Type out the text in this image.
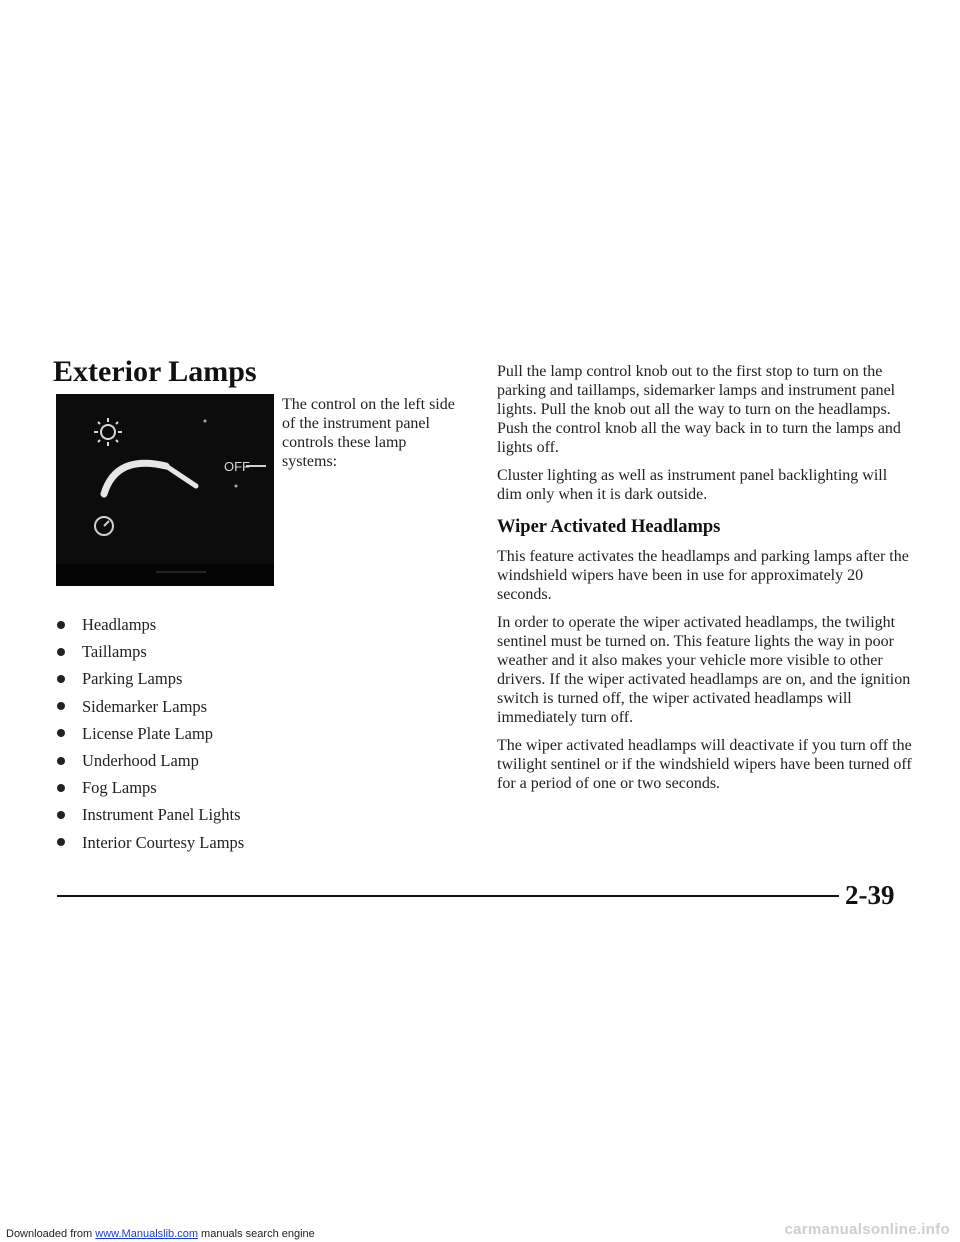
Exterior Lamps
OFF

The control on the left side of the instrument panel controls these lamp systems:

Headlamps
Taillamps
Parking Lamps
Sidemarker Lamps
License Plate Lamp
Underhood Lamp
Fog Lamps
Instrument Panel Lights
Interior Courtesy Lamps

Pull the lamp control knob out to the first stop to turn on the parking and taillamps, sidemarker lamps and instrument panel lights. Pull the knob out all the way to turn on the headlamps. Push the control knob all the way back in to turn the lamps and lights off.

Cluster lighting as well as instrument panel backlighting will dim only when it is dark outside.

Wiper Activated Headlamps

This feature activates the headlamps and parking lamps after the windshield wipers have been in use for approximately 20 seconds.

In order to operate the wiper activated headlamps, the twilight sentinel must be turned on. This feature lights the way in poor weather and it also makes your vehicle more visible to other drivers. If the wiper activated headlamps are on, and the ignition switch is turned off, the wiper activated headlamps will immediately turn off.

The wiper activated headlamps will deactivate if you turn off the twilight sentinel or if the windshield wipers have been turned off for a period of one or two seconds.

2-39
Downloaded from www.Manualslib.com manuals search engine	carmanualsonline.info
